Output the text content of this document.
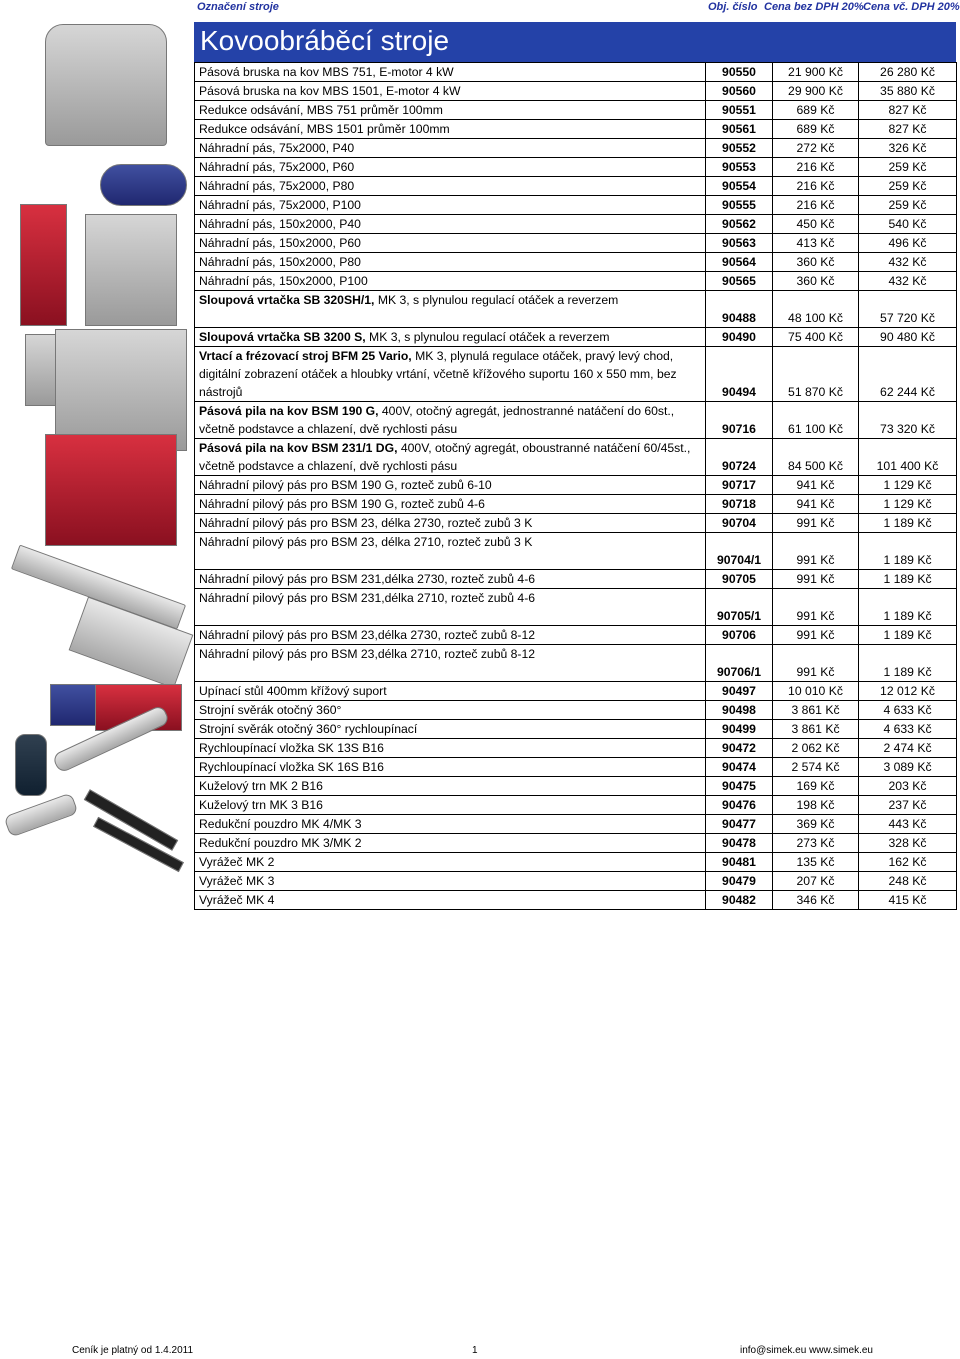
Označení stroje	Obj. číslo Cena bez DPH 20% Cena vč. DPH 20%
Kovoobráběcí stroje
Pásová bruska na kov MBS 751, E-motor 4 kW	90550	21 900 Kč	26 280 Kč
Pásová bruska na kov MBS 1501, E-motor 4 kW	90560	29 900 Kč	35 880 Kč
Redukce odsávání, MBS 751 průměr 100mm	90551	689 Kč	827 Kč
Redukce odsávání, MBS 1501 průměr 100mm	90561	689 Kč	827 Kč
Náhradní pás, 75x2000, P40	90552	272 Kč	326 Kč
Náhradní pás, 75x2000, P60	90553	216 Kč	259 Kč
Náhradní pás, 75x2000, P80	90554	216 Kč	259 Kč
Náhradní pás, 75x2000, P100	90555	216 Kč	259 Kč
Náhradní pás, 150x2000, P40	90562	450 Kč	540 Kč
Náhradní pás, 150x2000, P60	90563	413 Kč	496 Kč
Náhradní pás, 150x2000, P80	90564	360 Kč	432 Kč
Náhradní pás, 150x2000, P100	90565	360 Kč	432 Kč
Sloupová vrtačka SB 320SH/1, MK 3, s plynulou regulací otáček a reverzem	90488	48 100 Kč	57 720 Kč
Sloupová vrtačka SB 3200 S, MK 3, s plynulou regulací otáček a reverzem	90490	75 400 Kč	90 480 Kč
Vrtací a frézovací stroj BFM 25 Vario, MK 3, plynulá regulace otáček, pravý levý chod, digitální zobrazení otáček a hloubky vrtání, včetně křížového suportu 160 x 550 mm, bez nástrojů	90494	51 870 Kč	62 244 Kč
Pásová pila na kov BSM 190 G, 400V, otočný agregát, jednostranné natáčení do 60st., včetně podstavce a chlazení, dvě rychlosti pásu	90716	61 100 Kč	73 320 Kč
Pásová pila na kov BSM 231/1 DG, 400V, otočný agregát, oboustranné natáčení 60/45st., včetně podstavce a chlazení, dvě rychlosti pásu	90724	84 500 Kč	101 400 Kč
Náhradní pilový pás pro BSM 190 G, rozteč zubů 6-10	90717	941 Kč	1 129 Kč
Náhradní pilový pás pro BSM 190 G, rozteč zubů 4-6	90718	941 Kč	1 129 Kč
Náhradní pilový pás pro BSM 23, délka 2730, rozteč zubů 3 K	90704	991 Kč	1 189 Kč
Náhradní pilový pás pro BSM 23, délka 2710, rozteč zubů 3 K	90704/1	991 Kč	1 189 Kč
Náhradní pilový pás pro BSM 231,délka 2730, rozteč zubů 4-6	90705	991 Kč	1 189 Kč
Náhradní pilový pás pro BSM 231,délka 2710, rozteč zubů 4-6	90705/1	991 Kč	1 189 Kč
Náhradní pilový pás pro BSM 23,délka 2730, rozteč zubů 8-12	90706	991 Kč	1 189 Kč
Náhradní pilový pás pro BSM 23,délka 2710, rozteč zubů 8-12	90706/1	991 Kč	1 189 Kč
Upínací stůl 400mm křížový suport	90497	10 010 Kč	12 012 Kč
Strojní svěrák otočný 360°	90498	3 861 Kč	4 633 Kč
Strojní svěrák otočný 360° rychloupínací	90499	3 861 Kč	4 633 Kč
Rychloupínací vložka SK 13S B16	90472	2 062 Kč	2 474 Kč
Rychloupínací vložka SK 16S B16	90474	2 574 Kč	3 089 Kč
Kuželový trn MK 2 B16	90475	169 Kč	203 Kč
Kuželový trn MK 3 B16	90476	198 Kč	237 Kč
Redukční pouzdro MK 4/MK 3	90477	369 Kč	443 Kč
Redukční pouzdro MK 3/MK 2	90478	273 Kč	328 Kč
Vyrážeč MK 2	90481	135 Kč	162 Kč
Vyrážeč MK 3	90479	207 Kč	248 Kč
Vyrážeč MK 4	90482	346 Kč	415 Kč
Ceník je platný od 1.4.2011	1	info@simek.eu www.simek.eu
